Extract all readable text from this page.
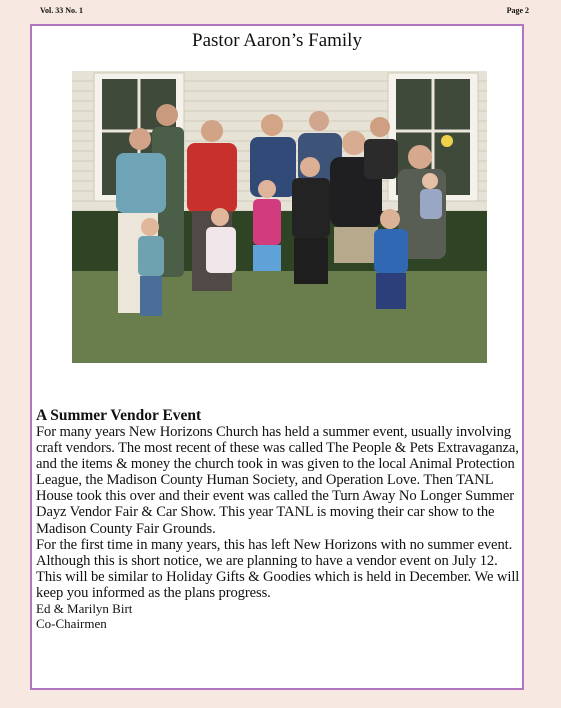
Vol. 33 No. 1	Page 2
Pastor Aaron’s Family

A Summer Vendor Event

For many years New Horizons Church has held a summer event, usually involving craft vendors. The most recent of these was called The People & Pets Extravaganza, and the items & money the church took in was given to the local Animal Protection League, the Madison County Human Society, and Operation Love. Then TANL House took this over and their event was called the Turn Away No Longer Summer Dayz Vendor Fair & Car Show. This year TANL is moving their car show to the Madison County Fair Grounds.

For the first time in many years, this has left New Horizons with no summer event. Although this is short notice, we are planning to have a vendor event on July 12. This will be similar to Holiday Gifts & Goodies which is held in December. We will keep you informed as the plans progress.

Ed & Marilyn Birt

Co-Chairmen
